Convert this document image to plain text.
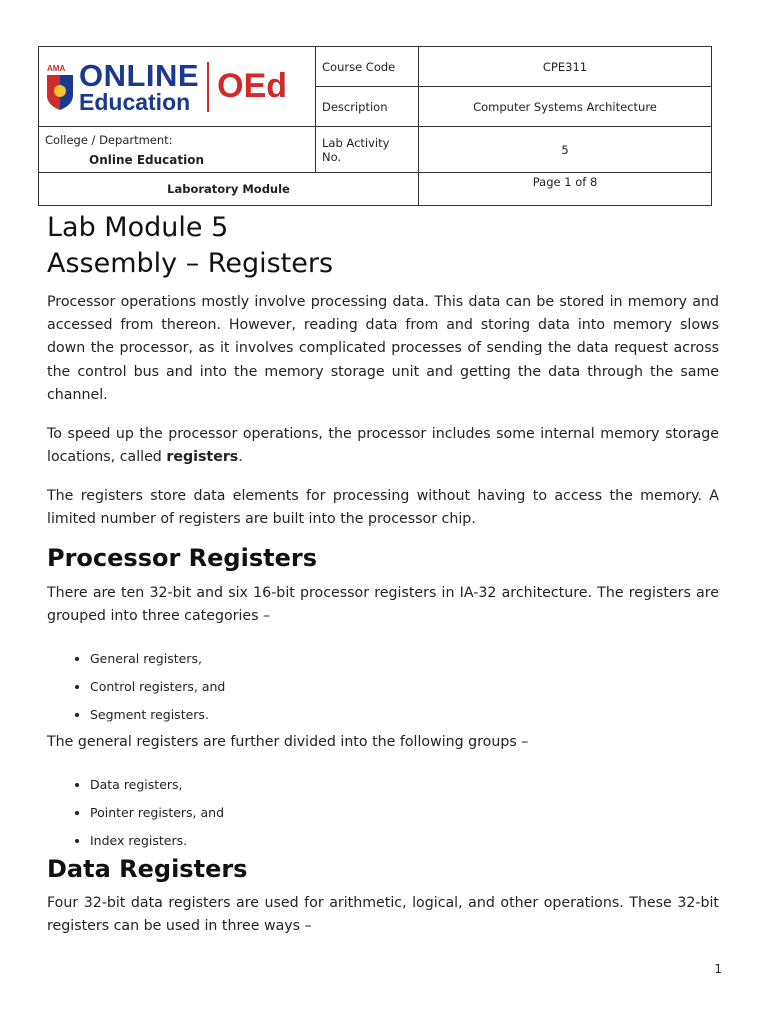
AMA ONLINE
Education OEd	Course Code	CPE311
	Description	Computer Systems Architecture

College / Department:
Online Education	Lab Activity No.	5
Laboratory Module		Page 1 of 8
Lab Module 5
Assembly – Registers

Processor operations mostly involve processing data. This data can be stored in memory and accessed from thereon. However, reading data from and storing data into memory slows down the processor, as it involves complicated processes of sending the data request across the control bus and into the memory storage unit and getting the data through the same channel.

To speed up the processor operations, the processor includes some internal memory storage locations, called registers.

The registers store data elements for processing without having to access the memory. A limited number of registers are built into the processor chip.

Processor Registers

There are ten 32-bit and six 16-bit processor registers in IA-32 architecture. The registers are grouped into three categories –

• General registers,
• Control registers, and
• Segment registers.

The general registers are further divided into the following groups –

• Data registers,
• Pointer registers, and
• Index registers.
Data Registers

Four 32-bit data registers are used for arithmetic, logical, and other operations. These 32-bit registers can be used in three ways –

1
